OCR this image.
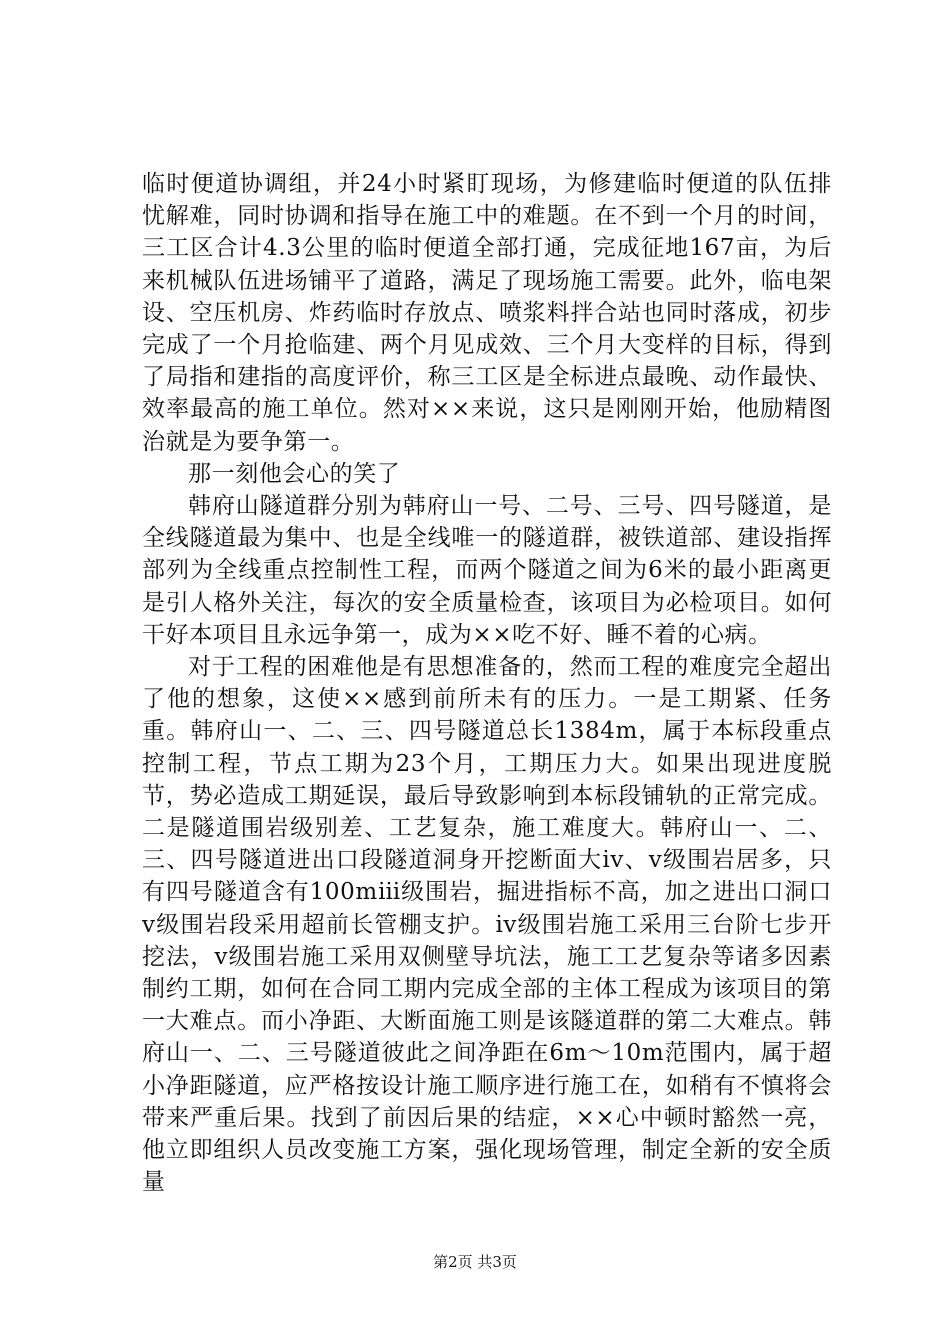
临时便道协调组，并24小时紧盯现场，为修建临时便道的队伍排忧解难，同时协调和指导在施工中的难题。在不到一个月的时间，三工区合计4.3公里的临时便道全部打通，完成征地167亩，为后来机械队伍进场铺平了道路，满足了现场施工需要。此外，临电架设、空压机房、炸药临时存放点、喷浆料拌合站也同时落成，初步完成了一个月抢临建、两个月见成效、三个月大变样的目标，得到了局指和建指的高度评价，称三工区是全标进点最晚、动作最快、效率最高的施工单位。然对××来说，这只是刚刚开始，他励精图治就是为要争第一。

那一刻他会心的笑了

韩府山隧道群分别为韩府山一号、二号、三号、四号隧道，是全线隧道最为集中、也是全线唯一的隧道群，被铁道部、建设指挥部列为全线重点控制性工程，而两个隧道之间为6米的最小距离更是引人格外关注，每次的安全质量检查，该项目为必检项目。如何干好本项目且永远争第一，成为××吃不好、睡不着的心病。

对于工程的困难他是有思想准备的，然而工程的难度完全超出了他的想象，这使××感到前所未有的压力。一是工期紧、任务重。韩府山一、二、三、四号隧道总长1384m，属于本标段重点控制工程，节点工期为23个月，工期压力大。如果出现进度脱节，势必造成工期延误，最后导致影响到本标段铺轨的正常完成。二是隧道围岩级别差、工艺复杂，施工难度大。韩府山一、二、三、四号隧道进出口段隧道洞身开挖断面大iv、v级围岩居多，只有四号隧道含有100mⅲ级围岩，掘进指标不高，加之进出口洞口v级围岩段采用超前长管棚支护。iv级围岩施工采用三台阶七步开挖法，v级围岩施工采用双侧壁导坑法，施工工艺复杂等诸多因素制约工期，如何在合同工期内完成全部的主体工程成为该项目的第一大难点。而小净距、大断面施工则是该隧道群的第二大难点。韩府山一、二、三号隧道彼此之间净距在6m～10m范围内，属于超小净距隧道，应严格按设计施工顺序进行施工在，如稍有不慎将会带来严重后果。找到了前因后果的结症，××心中顿时豁然一亮，他立即组织人员改变施工方案，强化现场管理，制定全新的安全质量

第2页 共3页
